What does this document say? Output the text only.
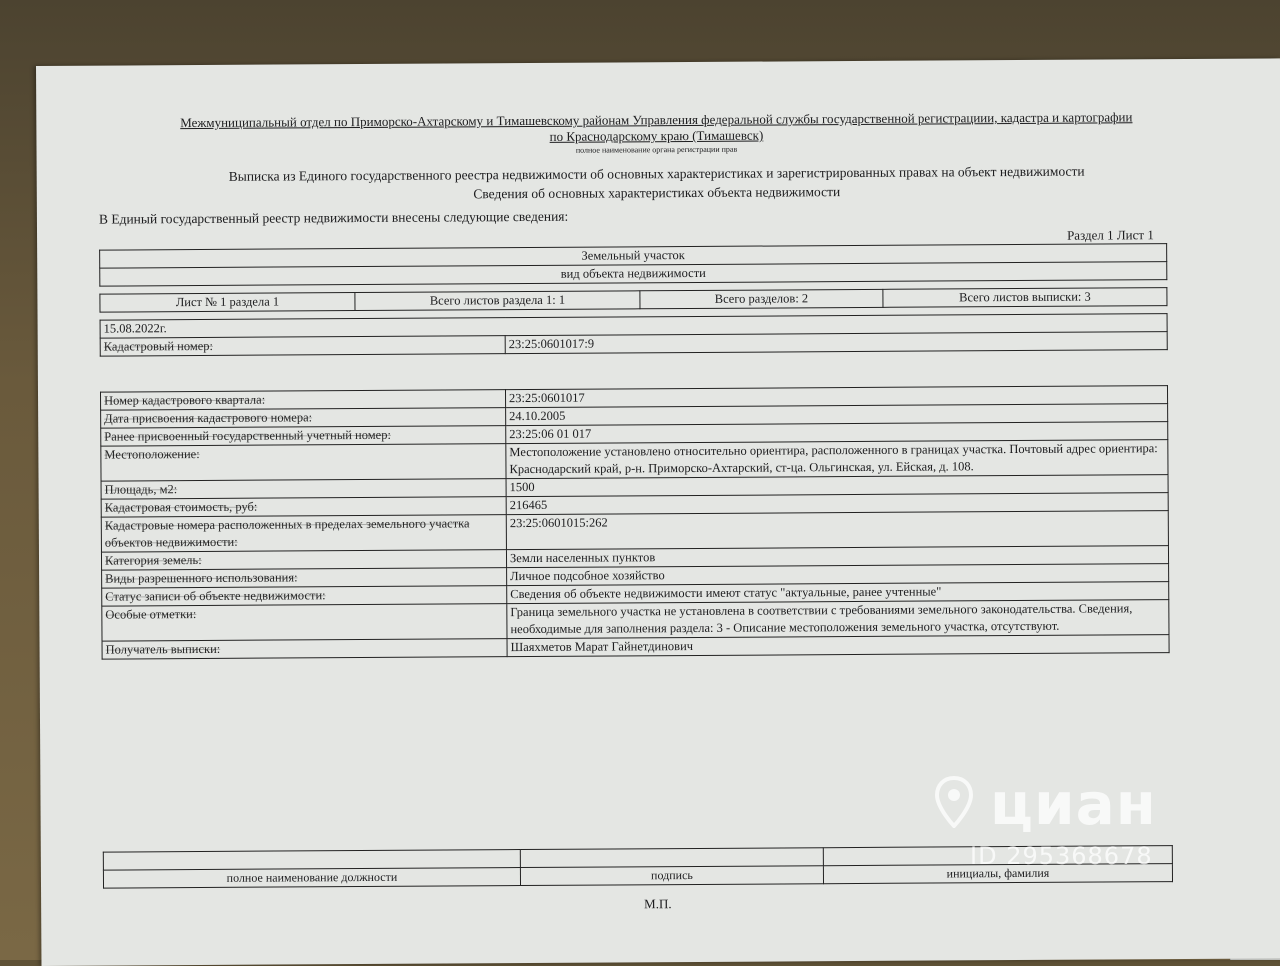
Межмуниципальный отдел по Приморско-Ахтарскому и Тимашевскому районам Управления федеральной службы государственной регистрациии, кадастра и картографии
по Краснодарскому краю (Тимашевск)
полное наименование органа регистрации прав
Выписка из Единого государственного реестра недвижимости об основных характеристиках и зарегистрированных правах на объект недвижимости
Сведения об основных характеристиках объекта недвижимости
В Единый государственный реестр недвижимости внесены следующие сведения:
Раздел 1 Лист 1
Земельный участок
вид объекта недвижимости
Лист № 1 раздела 1	Всего листов раздела 1: 1	Всего разделов: 2	Всего листов выписки: 3
15.08.2022г.
Кадастровый номер:	23:25:0601017:9
Номер кадастрового квартала:	23:25:0601017
Дата присвоения кадастрового номера:	24.10.2005
Ранее присвоенный государственный учетный номер:	23:25:06 01 017
Местоположение:	Местоположение установлено относительно ориентира, расположенного в границах участка. Почтовый адрес ориентира: Краснодарский край, р-н. Приморско-Ахтарский, ст-ца. Ольгинская, ул. Ейская, д. 108.
Площадь, м2:	1500
Кадастровая стоимость, руб:	216465
Кадастровые номера расположенных в пределах земельного участка объектов недвижимости:	23:25:0601015:262
Категория земель:	Земли населенных пунктов
Виды разрешенного использования:	Личное подсобное хозяйство
Статус записи об объекте недвижимости:	Сведения об объекте недвижимости имеют статус "актуальные, ранее учтенные"
Особые отметки:	Граница земельного участка не установлена в соответствии с требованиями земельного законодательства. Сведения, необходимые для заполнения раздела: 3 - Описание местоположения земельного участка, отсутствуют.
Получатель выписки:	Шаяхметов Марат Гайнетдинович

полное наименование должности	подпись	инициалы, фамилия
М.П.
циан
ID 295368678
